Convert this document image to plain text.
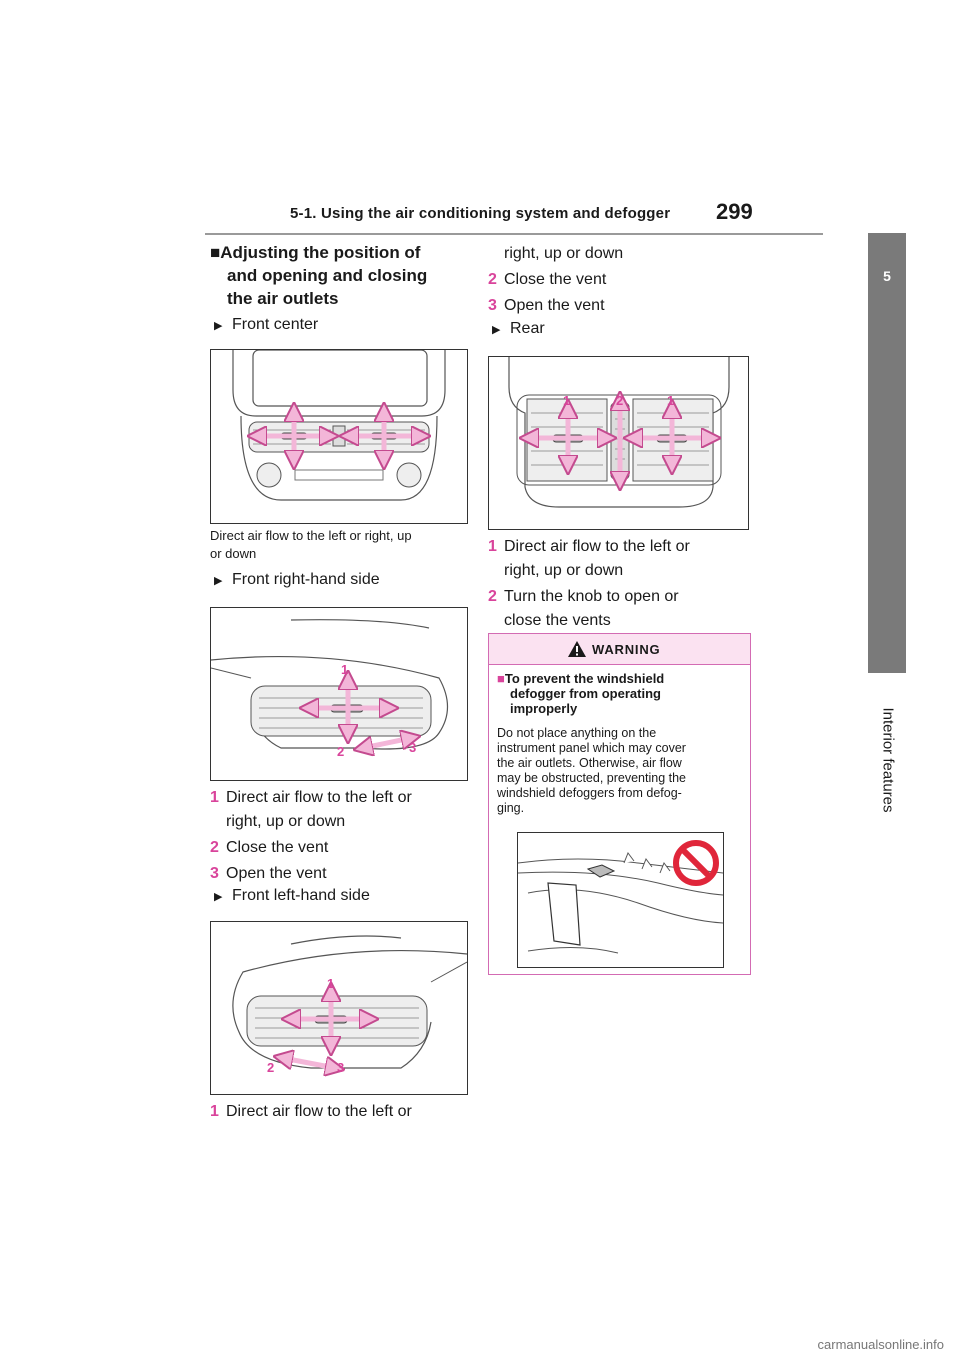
5-1. Using the air conditioning system and defogger 299
5
Interior features
■Adjusting the position of
and opening and closing
the air outlets
▶ Front center
Direct air flow to the left or right, up
or down
▶ Front right-hand side
1
2	3
1 Direct air flow to the left or
right, up or down
2 Close the vent
3 Open the vent
▶ Front left-hand side
1
2	3
1 Direct air flow to the left or
right, up or down
2 Close the vent
3 Open the vent
▶ Rear
1	2	1
1 Direct air flow to the left or
right, up or down
2 Turn the knob to open or
close the vents
WARNING
■To prevent the windshield
defogger from operating
improperly
Do not place anything on the
instrument panel which may cover
the air outlets. Otherwise, air flow
may be obstructed, preventing the
windshield defoggers from defog-
ging.
carmanualsonline.info
